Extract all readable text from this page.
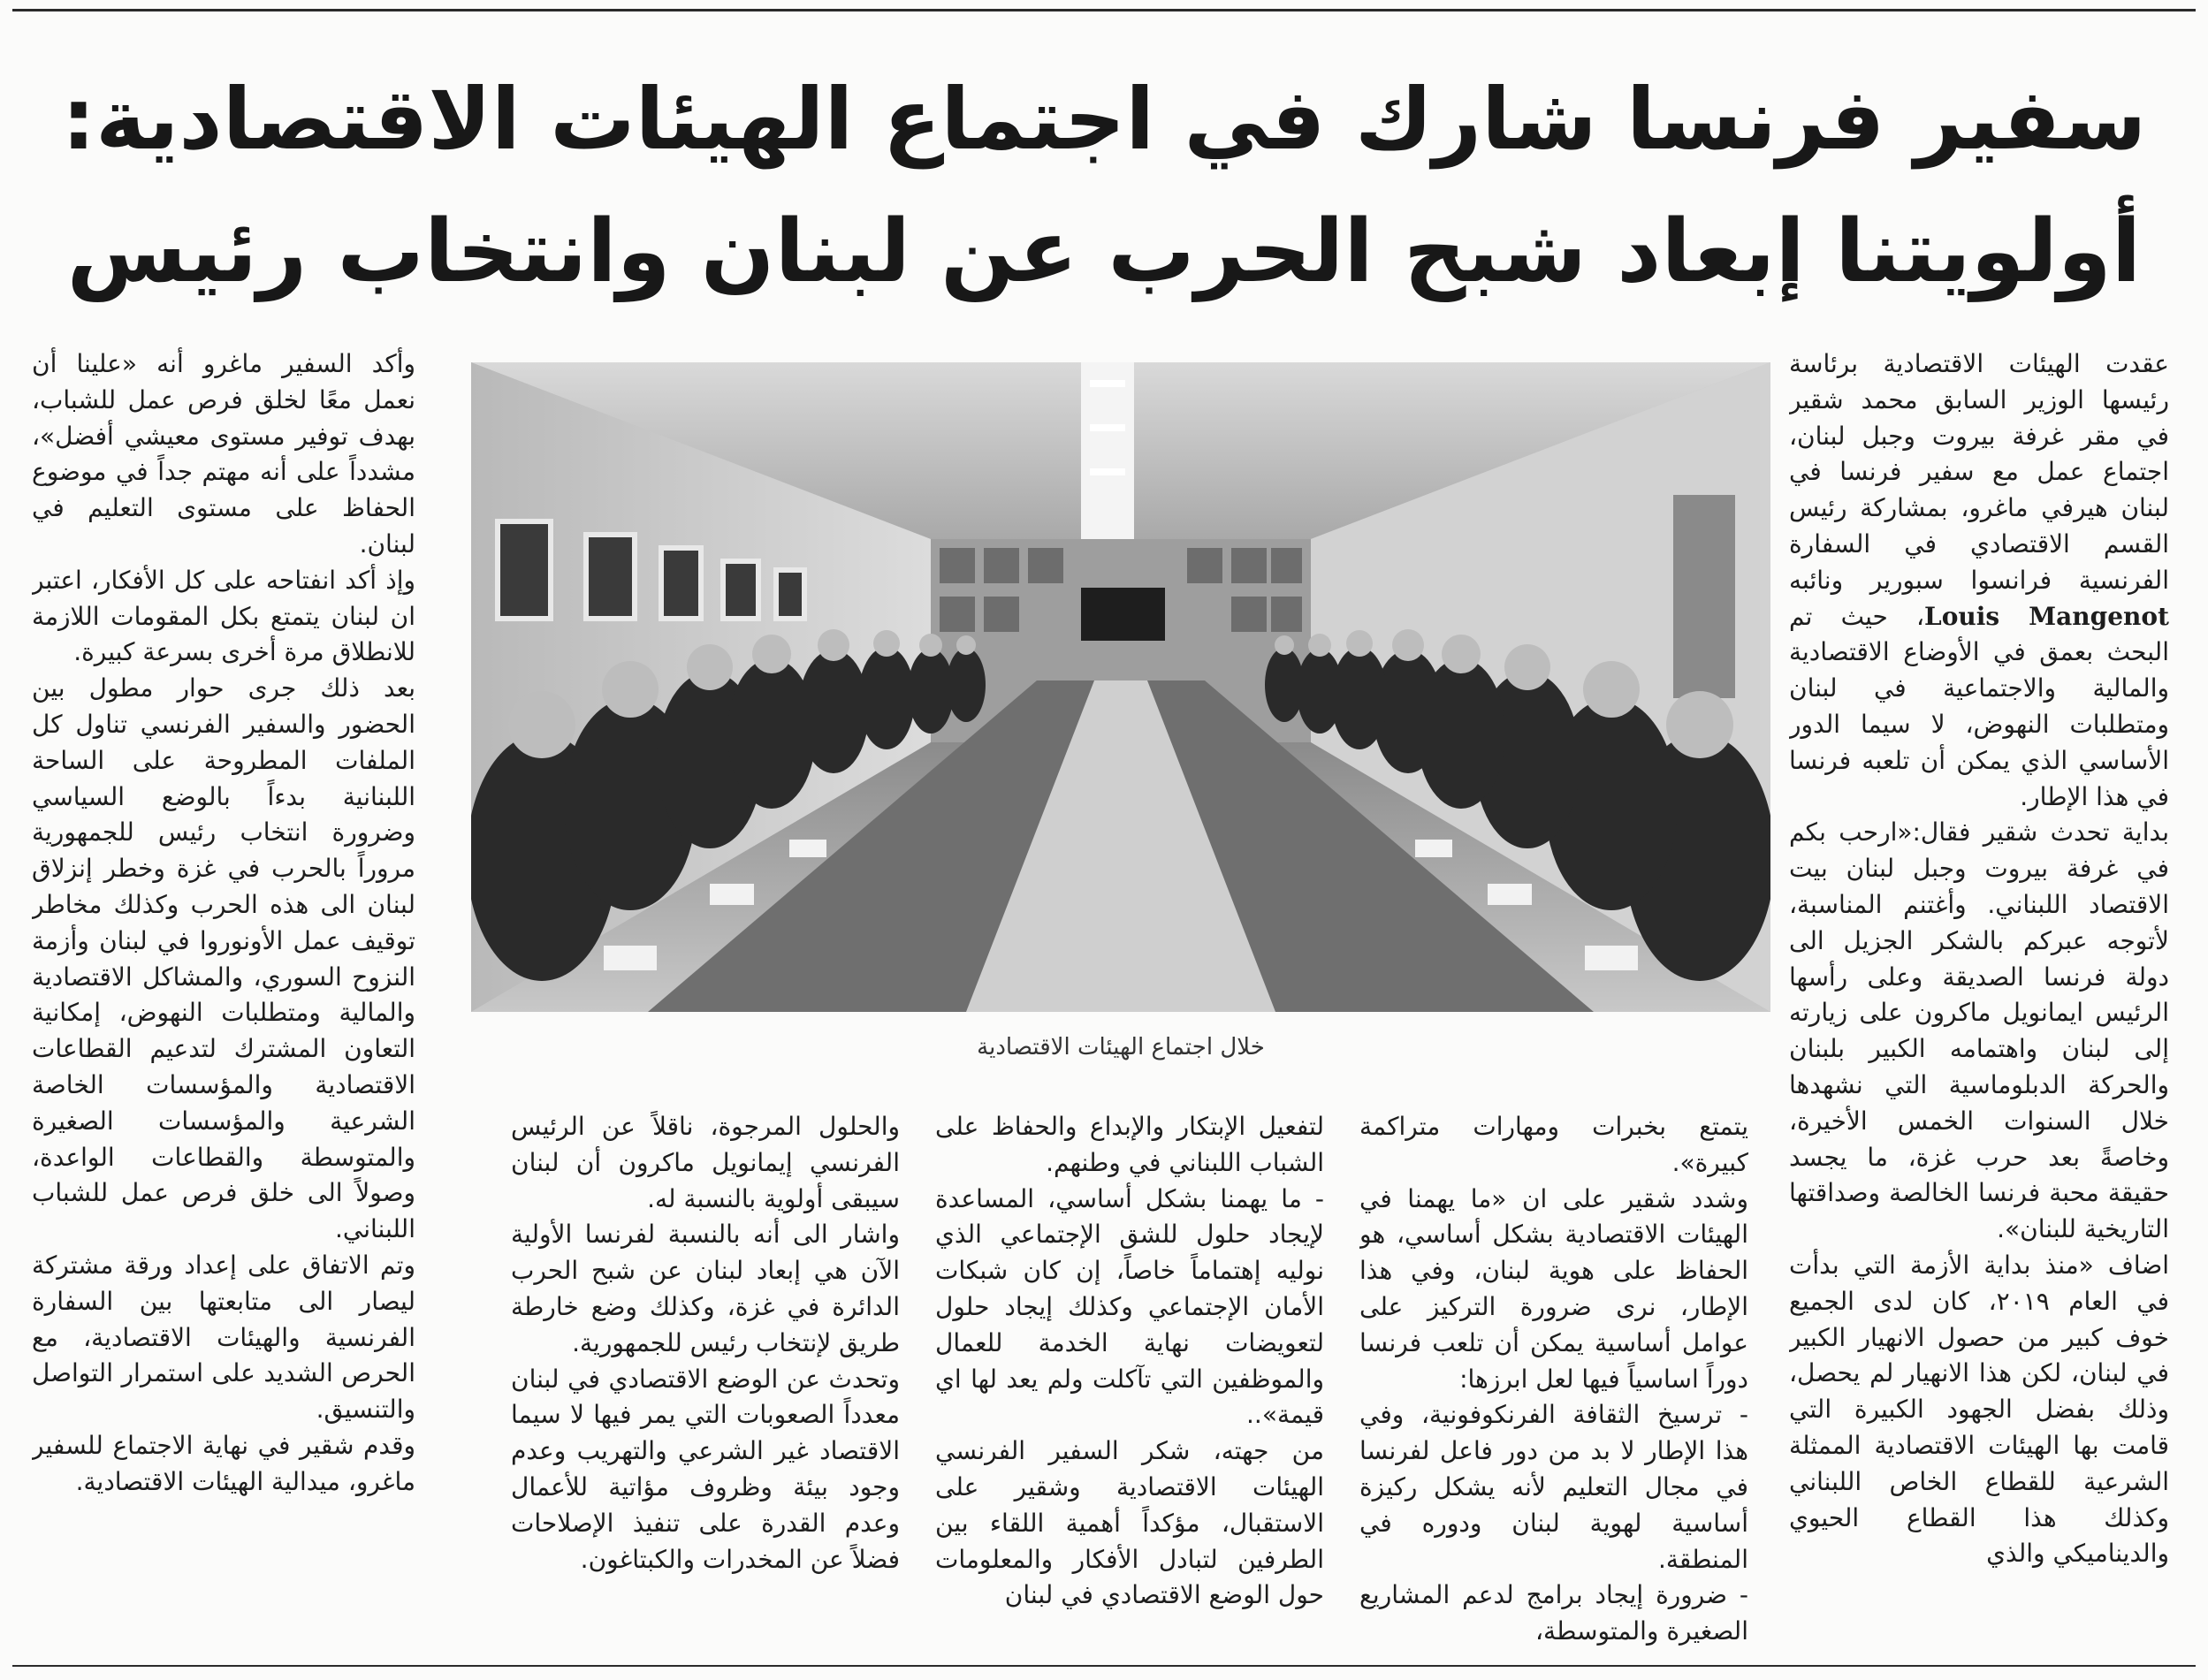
سفير فرنسا شارك في اجتماع الهيئات الاقتصادية:
أولويتنا إبعاد شبح الحرب عن لبنان وانتخاب رئيس

عقدت الهيئات الاقتصادية برئاسة رئيسها الوزير السابق محمد شقير في مقر غرفة بيروت وجبل لبنان، اجتماع عمل مع سفير فرنسا في لبنان هيرفي ماغرو، بمشاركة رئيس القسم الاقتصادي في السفارة الفرنسية فرانسوا سبورير ونائبه Louis Mangenot، حيث تم البحث بعمق في الأوضاع الاقتصادية والمالية والاجتماعية في لبنان ومتطلبات النهوض، لا سيما الدور الأساسي الذي يمكن أن تلعبه فرنسا في هذا الإطار.

بداية تحدث شقير فقال:«ارحب بكم في غرفة بيروت وجبل لبنان بيت الاقتصاد اللبناني. وأغتنم المناسبة، لأتوجه عبركم بالشكر الجزيل الى دولة فرنسا الصديقة وعلى رأسها الرئيس ايمانويل ماكرون على زيارته إلى لبنان واهتمامه الكبير بلبنان والحركة الدبلوماسية التي نشهدها خلال السنوات الخمس الأخيرة، وخاصةً بعد حرب غزة، ما يجسد حقيقة محبة فرنسا الخالصة وصداقتها التاريخية للبنان».

اضاف «منذ بداية الأزمة التي بدأت في العام ٢٠١٩، كان لدى الجميع خوف كبير من حصول الانهيار الكبير في لبنان، لكن هذا الانهيار لم يحصل، وذلك بفضل الجهود الكبيرة التي قامت بها الهيئات الاقتصادية الممثلة الشرعية للقطاع الخاص اللبناني وكذلك هذا القطاع الحيوي والديناميكي والذي

خلال اجتماع الهيئات الاقتصادية

يتمتع بخبرات ومهارات متراكمة كبيرة».

وشدد شقير على ان «ما يهمنا في الهيئات الاقتصادية بشكل أساسي، هو الحفاظ على هوية لبنان، وفي هذا الإطار، نرى ضرورة التركيز على عوامل أساسية يمكن أن تلعب فرنسا دوراً اساسياً فيها لعل ابرزها:

- ترسيخ الثقافة الفرنكوفونية، وفي هذا الإطار لا بد من دور فاعل لفرنسا في مجال التعليم لأنه يشكل ركيزة أساسية لهوية لبنان ودوره في المنطقة.

- ضرورة إيجاد برامج لدعم المشاريع الصغيرة والمتوسطة،

لتفعيل الإبتكار والإبداع والحفاظ على الشباب اللبناني في وطنهم.

- ما يهمنا بشكل أساسي، المساعدة لإيجاد حلول للشق الإجتماعي الذي نوليه إهتماماً خاصاً، إن كان شبكات الأمان الإجتماعي وكذلك إيجاد حلول لتعويضات نهاية الخدمة للعمال والموظفين التي تآكلت ولم يعد لها اي قيمة»..

من جهته، شكر السفير الفرنسي الهيئات الاقتصادية وشقير على الاستقبال، مؤكداً أهمية اللقاء بين الطرفين لتبادل الأفكار والمعلومات حول الوضع الاقتصادي في لبنان

والحلول المرجوة، ناقلاً عن الرئيس الفرنسي إيمانويل ماكرون أن لبنان سيبقى أولوية بالنسبة له.

واشار الى أنه بالنسبة لفرنسا الأولية الآن هي إبعاد لبنان عن شبح الحرب الدائرة في غزة، وكذلك وضع خارطة طريق لإنتخاب رئيس للجمهورية.

وتحدث عن الوضع الاقتصادي في لبنان معدداً الصعوبات التي يمر فيها لا سيما الاقتصاد غير الشرعي والتهريب وعدم وجود بيئة وظروف مؤاتية للأعمال وعدم القدرة على تنفيذ الإصلاحات فضلاً عن المخدرات والكبتاغون.

وأكد السفير ماغرو أنه «علينا أن نعمل معًا لخلق فرص عمل للشباب، بهدف توفير مستوى معيشي أفضل»، مشدداً على أنه مهتم جداً في موضوع الحفاظ على مستوى التعليم في لبنان.

وإذ أكد انفتاحه على كل الأفكار، اعتبر ان لبنان يتمتع بكل المقومات اللازمة للانطلاق مرة أخرى بسرعة كبيرة.

بعد ذلك جرى حوار مطول بين الحضور والسفير الفرنسي تناول كل الملفات المطروحة على الساحة اللبنانية بدءاً بالوضع السياسي وضرورة انتخاب رئيس للجمهورية مروراً بالحرب في غزة وخطر إنزلاق لبنان الى هذه الحرب وكذلك مخاطر توقيف عمل الأونوروا في لبنان وأزمة النزوح السوري، والمشاكل الاقتصادية والمالية ومتطلبات النهوض، إمكانية التعاون المشترك لتدعيم القطاعات الاقتصادية والمؤسسات الخاصة الشرعية والمؤسسات الصغيرة والمتوسطة والقطاعات الواعدة، وصولاً الى خلق فرص عمل للشباب اللبناني.

وتم الاتفاق على إعداد ورقة مشتركة ليصار الى متابعتها بين السفارة الفرنسية والهيئات الاقتصادية، مع الحرص الشديد على استمرار التواصل والتنسيق.

وقدم شقير في نهاية الاجتماع للسفير ماغرو، ميدالية الهيئات الاقتصادية.
